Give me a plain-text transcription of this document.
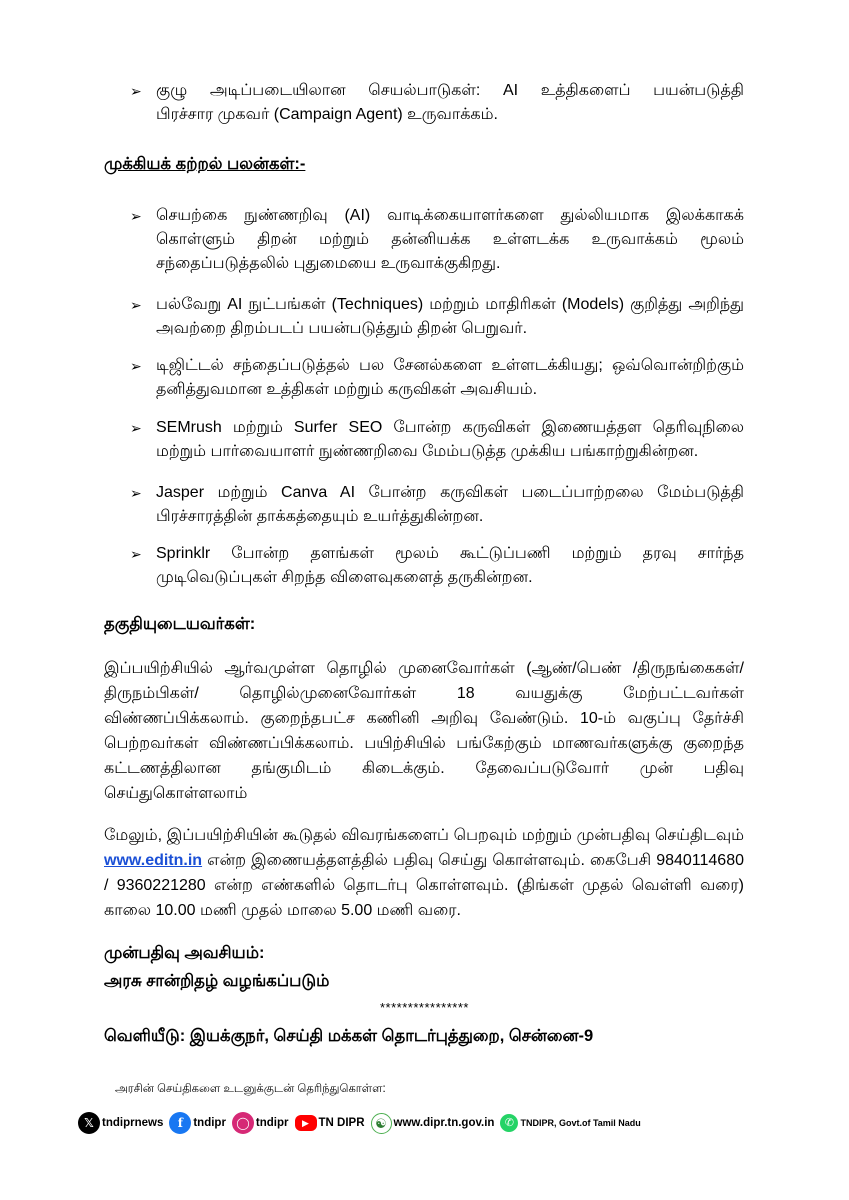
➢ குழு அடிப்படையிலான செயல்பாடுகள்: AI உத்திகளைப் பயன்படுத்தி
பிரச்சார முகவர் (Campaign Agent) உருவாக்கம்.
முக்கியக் கற்றல் பலன்கள்:-
➢ செயற்கை நுண்ணறிவு (AI) வாடிக்கையாளர்களை துல்லியமாக இலக்காகக் கொள்ளும் திறன் மற்றும் தன்னியக்க உள்ளடக்க உருவாக்கம் மூலம் சந்தைப்படுத்தலில் புதுமையை உருவாக்குகிறது.
➢ பல்வேறு AI நுட்பங்கள் (Techniques) மற்றும் மாதிரிகள் (Models) குறித்து அறிந்து அவற்றை திறம்படப் பயன்படுத்தும் திறன் பெறுவர்.
➢ டிஜிட்டல் சந்தைப்படுத்தல் பல சேனல்களை உள்ளடக்கியது; ஒவ்வொன்றிற்கும் தனித்துவமான உத்திகள் மற்றும் கருவிகள் அவசியம்.
➢ SEMrush மற்றும் Surfer SEO போன்ற கருவிகள் இணையத்தள தெரிவுநிலை மற்றும் பார்வையாளர் நுண்ணறிவை மேம்படுத்த முக்கிய பங்காற்றுகின்றன.
➢ Jasper மற்றும் Canva AI போன்ற கருவிகள் படைப்பாற்றலை மேம்படுத்தி பிரச்சாரத்தின் தாக்கத்தையும் உயர்த்துகின்றன.
➢ Sprinklr போன்ற தளங்கள் மூலம் கூட்டுப்பணி மற்றும் தரவு சார்ந்த முடிவெடுப்புகள் சிறந்த விளைவுகளைத் தருகின்றன.
தகுதியுடையவர்கள்:
இப்பயிற்சியில் ஆர்வமுள்ள தொழில் முனைவோர்கள் (ஆண்/பெண் /திருநங்கைகள்/ திருநம்பிகள்/ தொழில்முனைவோர்கள் 18 வயதுக்கு மேற்பட்டவர்கள் விண்ணப்பிக்கலாம். குறைந்தபட்ச கணினி அறிவு வேண்டும். 10-ம் வகுப்பு தேர்ச்சி பெற்றவர்கள் விண்ணப்பிக்கலாம். பயிற்சியில் பங்கேற்கும் மாணவர்களுக்கு குறைந்த கட்டணத்திலான தங்குமிடம் கிடைக்கும். தேவைப்படுவோர் முன் பதிவு செய்துகொள்ளலாம்
மேலும், இப்பயிற்சியின் கூடுதல் விவரங்களைப் பெறவும் மற்றும் முன்பதிவு செய்திடவும் www.editn.in என்ற இணையத்தளத்தில் பதிவு செய்து கொள்ளவும். கைபேசி 9840114680 / 9360221280 என்ற எண்களில் தொடர்பு கொள்ளவும். (திங்கள் முதல் வெள்ளி வரை) காலை 10.00 மணி முதல் மாலை 5.00 மணி வரை.
முன்பதிவு அவசியம்:
அரசு சான்றிதழ் வழங்கப்படும்
****************
வெளியீடு: இயக்குநர், செய்தி மக்கள் தொடர்புத்துறை, சென்னை-9
அரசின் செய்திகளை உடனுக்குடன் தெரிந்துகொள்ள:
𝕏 tndiprnews	f tndipr ◯ tndipr	▶ TN DIPR ☯ www.dipr.tn.gov.in ✆ TNDIPR, Govt.of Tamil Nadu
